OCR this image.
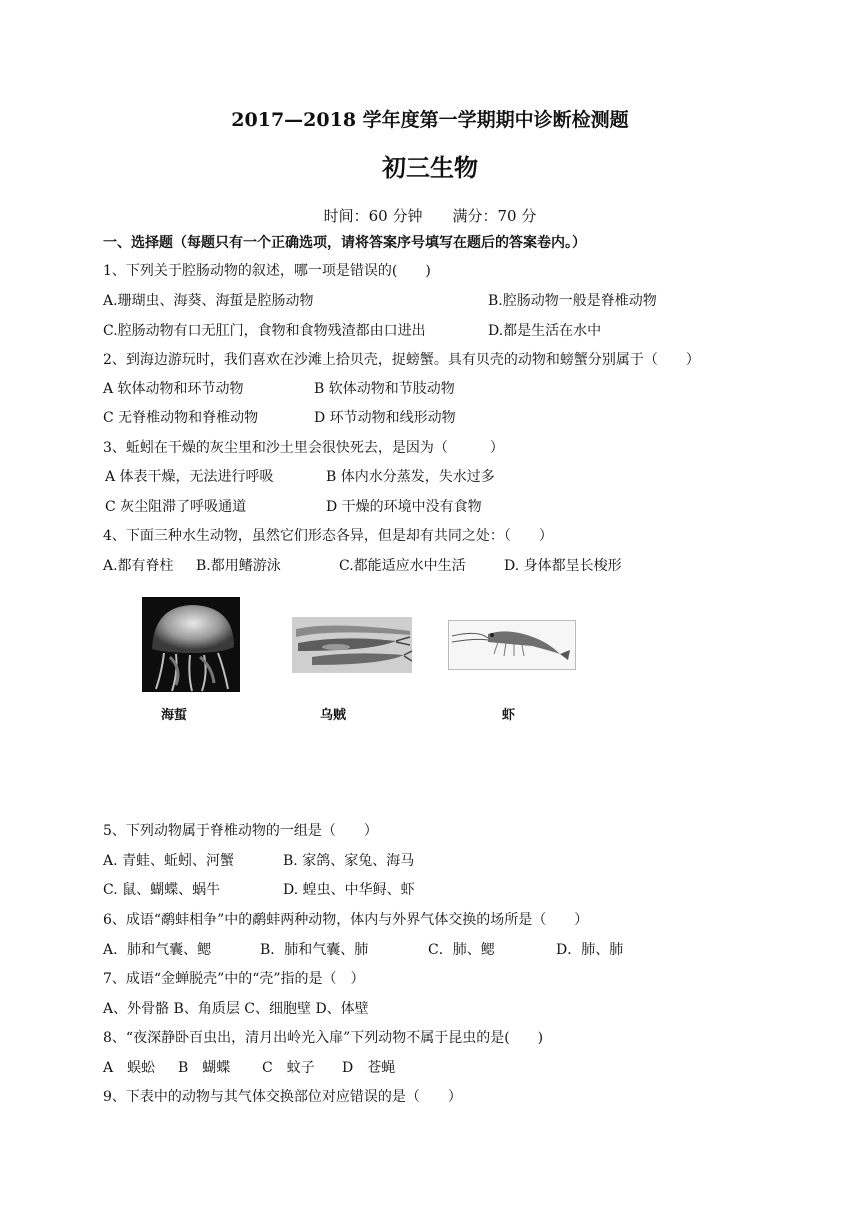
2017—2018 学年度第一学期期中诊断检测题
初三生物
时间：60 分钟　　满分：70 分
一、选择题（每题只有一个正确选项，请将答案序号填写在题后的答案卷内。）
1、下列关于腔肠动物的叙述，哪一项是错误的(　　)
A.珊瑚虫、海葵、海蜇是腔肠动物	B.腔肠动物一般是脊椎动物
C.腔肠动物有口无肛门，食物和食物残渣都由口进出	D.都是生活在水中
2、到海边游玩时，我们喜欢在沙滩上拾贝壳，捉螃蟹。具有贝壳的动物和螃蟹分别属于（　　）
A 软体动物和环节动物	B 软体动物和节肢动物
C 无脊椎动物和脊椎动物	D 环节动物和线形动物
3、蚯蚓在干燥的灰尘里和沙土里会很快死去，是因为（　　　）
A 体表干燥，无法进行呼吸	B 体内水分蒸发，失水过多
C 灰尘阻滞了呼吸通道	D 干燥的环境中没有食物
4、下面三种水生动物，虽然它们形态各异，但是却有共同之处：（　　）
A.都有脊柱 B.都用鳍游泳	C.都能适应水中生活	D. 身体都呈长梭形
海蜇	乌贼	虾
5、下列动物属于脊椎动物的一组是（　　）
A. 青蛙、蚯蚓、河蟹	B. 家鸽、家兔、海马
C. 鼠、蝴蝶、蜗牛	D. 蝗虫、中华鲟、虾
6、成语“鹬蚌相争”中的鹬蚌两种动物，体内与外界气体交换的场所是（　　）
A．肺和气囊、鳃	B．肺和气囊、肺	C．肺、鳃	D．肺、肺
7、成语“金蝉脱壳”中的“壳”指的是（　）
A、外骨骼 B、角质层 C、细胞壁 D、体壁
8、“夜深静卧百虫出，清月出岭光入扉”下列动物不属于昆虫的是(　　)
A　蜈蚣 B　蝴蝶 C　蚊子 D　苍蝇
9、下表中的动物与其气体交换部位对应错误的是（　　）
